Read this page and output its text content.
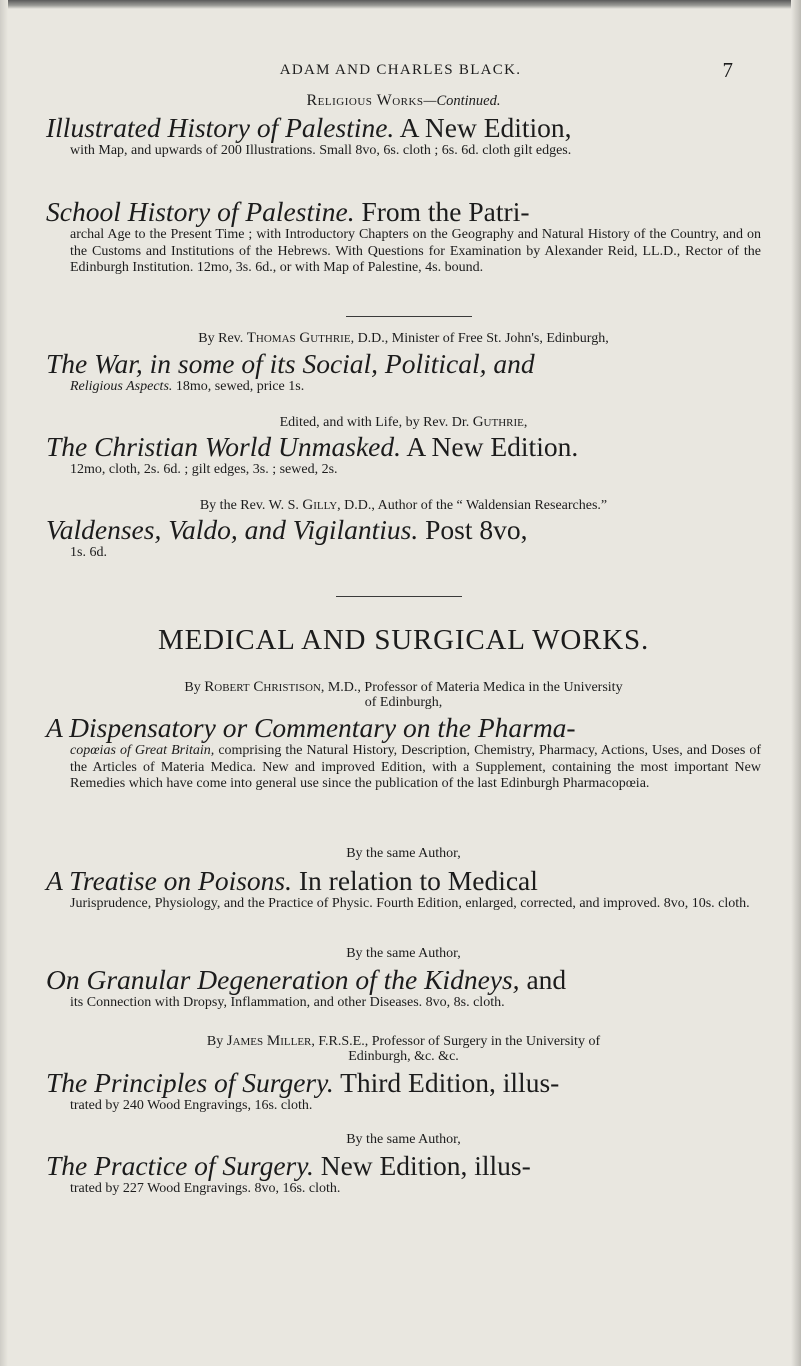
ADAM AND CHARLES BLACK.	7
Religious Works—Continued.
Illustrated History of Palestine. A New Edition,
with Map, and upwards of 200 Illustrations. Small 8vo, 6s. cloth ; 6s. 6d. cloth gilt edges.
School History of Palestine. From the Patri-
archal Age to the Present Time ; with Introductory Chapters on the Geography and Natural History of the Country, and on the Customs and Institutions of the Hebrews. With Questions for Examination by Alexander Reid, LL.D., Rector of the Edinburgh Institution. 12mo, 3s. 6d., or with Map of Palestine, 4s. bound.
By Rev. Thomas Guthrie, D.D., Minister of Free St. John's, Edinburgh,
The War, in some of its Social, Political, and
Religious Aspects. 18mo, sewed, price 1s.
Edited, and with Life, by Rev. Dr. Guthrie,
The Christian World Unmasked. A New Edition.
12mo, cloth, 2s. 6d. ; gilt edges, 3s. ; sewed, 2s.
By the Rev. W. S. Gilly, D.D., Author of the “ Waldensian Researches.”
Valdenses, Valdo, and Vigilantius. Post 8vo,
1s. 6d.
MEDICAL AND SURGICAL WORKS.
By Robert Christison, M.D., Professor of Materia Medica in the University
of Edinburgh,
A Dispensatory or Commentary on the Pharma-
copœias of Great Britain, comprising the Natural History, Description, Chemistry, Pharmacy, Actions, Uses, and Doses of the Articles of Materia Medica. New and improved Edition, with a Supplement, containing the most important New Remedies which have come into general use since the publication of the last Edinburgh Pharmacopœia.
By the same Author,
A Treatise on Poisons. In relation to Medical
Jurisprudence, Physiology, and the Practice of Physic. Fourth Edition, enlarged, corrected, and improved. 8vo, 10s. cloth.
By the same Author,
On Granular Degeneration of the Kidneys, and
its Connection with Dropsy, Inflammation, and other Diseases. 8vo, 8s. cloth.
By James Miller, F.R.S.E., Professor of Surgery in the University of
Edinburgh, &c. &c.
The Principles of Surgery. Third Edition, illus-
trated by 240 Wood Engravings, 16s. cloth.
By the same Author,
The Practice of Surgery. New Edition, illus-
trated by 227 Wood Engravings. 8vo, 16s. cloth.
